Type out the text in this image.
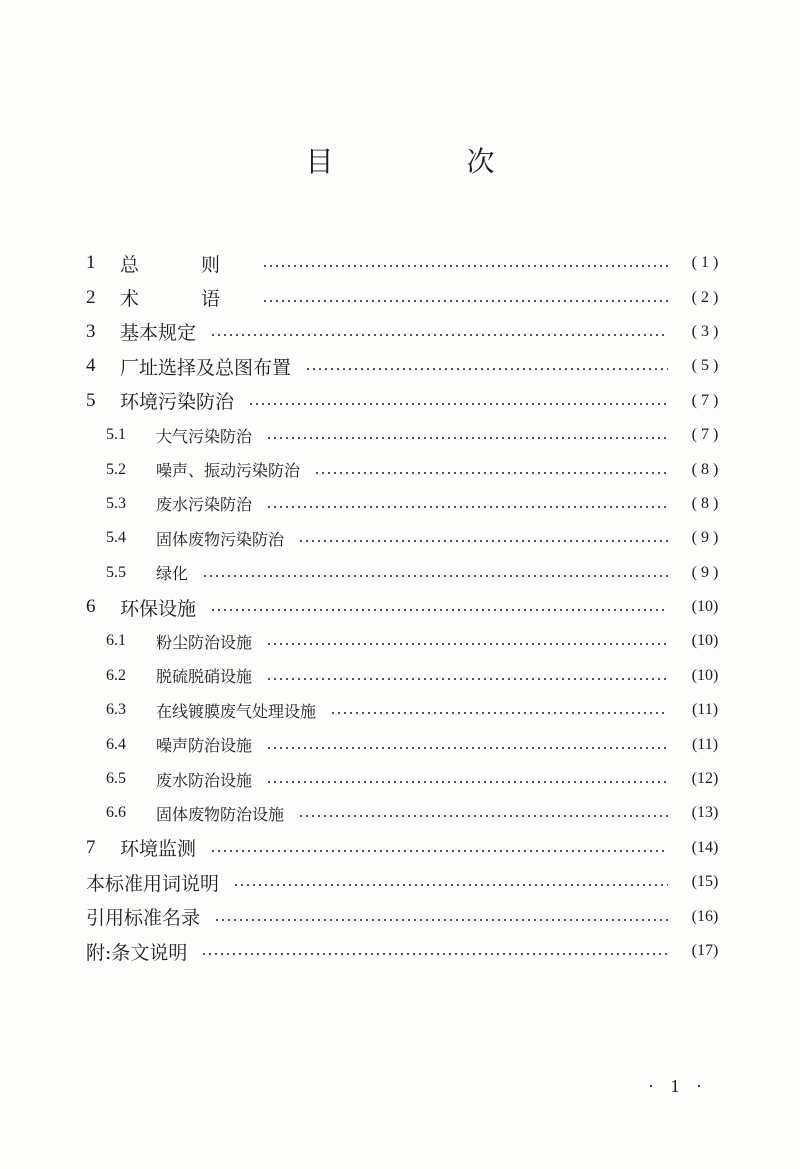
目 次
1	总 则	( 1 )
2	术 语	( 2 )
3	基本规定	( 3 )
4	厂址选择及总图布置	( 5 )
5	环境污染防治	( 7 )
5.1	大气污染防治	( 7 )
5.2	噪声、振动污染防治	( 8 )
5.3	废水污染防治	( 8 )
5.4	固体废物污染防治	( 9 )
5.5	绿化	( 9 )
6	环保设施	(10)
6.1	粉尘防治设施	(10)
6.2	脱硫脱硝设施	(10)
6.3	在线镀膜废气处理设施	(11)
6.4	噪声防治设施	(11)
6.5	废水防治设施	(12)
6.6	固体废物防治设施	(13)
7	环境监测	(14)
本标准用词说明	(15)
引用标准名录	(16)
附:条文说明	(17)
· 1 ·
